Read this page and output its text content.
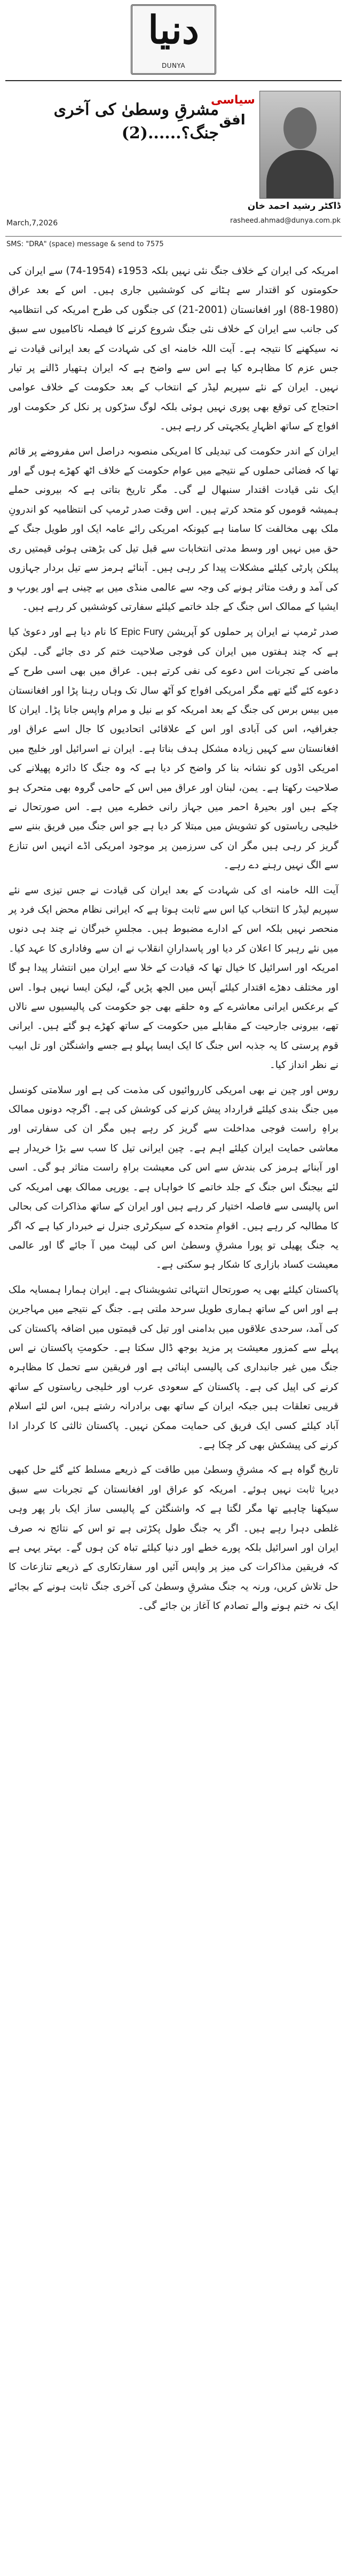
دنیا
DUNYA
مشرقِ وسطیٰ کی آخری جنگ؟......(2)
سیاسی
افق
ڈاکٹر رشید احمد خان
rasheed.ahmad@dunya.com.pk
March,7,2026
SMS: "DRA" (space) message & send to 7575

امریکہ کی ایران کے خلاف جنگ نئی نہیں بلکہ 1953ء (1954-74) سے ایران کی حکومتوں کو اقتدار سے ہٹانے کی کوششیں جاری ہیں۔ اس کے بعد عراق (1980-88) اور افغانستان (2001-21) کی جنگوں کی طرح امریکہ کی انتظامیہ کی جانب سے ایران کے خلاف نئی جنگ شروع کرنے کا فیصلہ ناکامیوں سے سبق نہ سیکھنے کا نتیجہ ہے۔ آیت اللہ خامنہ ای کی شہادت کے بعد ایرانی قیادت نے جس عزم کا مظاہرہ کیا ہے اس سے واضح ہے کہ ایران ہتھیار ڈالنے پر تیار نہیں۔ ایران کے نئے سپریم لیڈر کے انتخاب کے بعد حکومت کے خلاف عوامی احتجاج کی توقع بھی پوری نہیں ہوئی بلکہ لوگ سڑکوں پر نکل کر حکومت اور افواج کے ساتھ اظہارِ یکجہتی کر رہے ہیں۔

ایران کے اندر حکومت کی تبدیلی کا امریکی منصوبہ دراصل اس مفروضے پر قائم تھا کہ فضائی حملوں کے نتیجے میں عوام حکومت کے خلاف اٹھ کھڑے ہوں گے اور ایک نئی قیادت اقتدار سنبھال لے گی۔ مگر تاریخ بتاتی ہے کہ بیرونی حملے ہمیشہ قوموں کو متحد کرتے ہیں۔ اس وقت صدر ٹرمپ کی انتظامیہ کو اندرونِ ملک بھی مخالفت کا سامنا ہے کیونکہ امریکی رائے عامہ ایک اور طویل جنگ کے حق میں نہیں اور وسط مدتی انتخابات سے قبل تیل کی بڑھتی ہوئی قیمتیں ری پبلکن پارٹی کیلئے مشکلات پیدا کر رہی ہیں۔ آبنائے ہرمز سے تیل بردار جہازوں کی آمد و رفت متاثر ہونے کی وجہ سے عالمی منڈی میں بے چینی ہے اور یورپ و ایشیا کے ممالک اس جنگ کے جلد خاتمے کیلئے سفارتی کوششیں کر رہے ہیں۔

صدر ٹرمپ نے ایران پر حملوں کو آپریشن Epic Fury کا نام دیا ہے اور دعویٰ کیا ہے کہ چند ہفتوں میں ایران کی فوجی صلاحیت ختم کر دی جائے گی۔ لیکن ماضی کے تجربات اس دعوے کی نفی کرتے ہیں۔ عراق میں بھی اسی طرح کے دعوے کئے گئے تھے مگر امریکی افواج کو آٹھ سال تک وہاں رہنا پڑا اور افغانستان میں بیس برس کی جنگ کے بعد امریکہ کو بے نیل و مرام واپس جانا پڑا۔ ایران کا جغرافیہ، اس کی آبادی اور اس کے علاقائی اتحادیوں کا جال اسے عراق اور افغانستان سے کہیں زیادہ مشکل ہدف بناتا ہے۔ ایران نے اسرائیل اور خلیج میں امریکی اڈوں کو نشانہ بنا کر واضح کر دیا ہے کہ وہ جنگ کا دائرہ پھیلانے کی صلاحیت رکھتا ہے۔ یمن، لبنان اور عراق میں اس کے حامی گروہ بھی متحرک ہو چکے ہیں اور بحیرۂ احمر میں جہاز رانی خطرے میں ہے۔ اس صورتحال نے خلیجی ریاستوں کو تشویش میں مبتلا کر دیا ہے جو اس جنگ میں فریق بننے سے گریز کر رہی ہیں مگر ان کی سرزمین پر موجود امریکی اڈے انہیں اس تنازع سے الگ نہیں رہنے دے رہے۔

آیت اللہ خامنہ ای کی شہادت کے بعد ایران کی قیادت نے جس تیزی سے نئے سپریم لیڈر کا انتخاب کیا اس سے ثابت ہوتا ہے کہ ایرانی نظام محض ایک فرد پر منحصر نہیں بلکہ اس کے ادارے مضبوط ہیں۔ مجلسِ خبرگان نے چند ہی دنوں میں نئے رہبر کا اعلان کر دیا اور پاسدارانِ انقلاب نے ان سے وفاداری کا عہد کیا۔ امریکہ اور اسرائیل کا خیال تھا کہ قیادت کے خلا سے ایران میں انتشار پیدا ہو گا اور مختلف دھڑے اقتدار کیلئے آپس میں الجھ پڑیں گے، لیکن ایسا نہیں ہوا۔ اس کے برعکس ایرانی معاشرے کے وہ حلقے بھی جو حکومت کی پالیسیوں سے نالاں تھے، بیرونی جارحیت کے مقابلے میں حکومت کے ساتھ کھڑے ہو گئے ہیں۔ ایرانی قوم پرستی کا یہ جذبہ اس جنگ کا ایک ایسا پہلو ہے جسے واشنگٹن اور تل ابیب نے نظر انداز کیا۔

روس اور چین نے بھی امریکی کارروائیوں کی مذمت کی ہے اور سلامتی کونسل میں جنگ بندی کیلئے قرارداد پیش کرنے کی کوشش کی ہے۔ اگرچہ دونوں ممالک براہِ راست فوجی مداخلت سے گریز کر رہے ہیں مگر ان کی سفارتی اور معاشی حمایت ایران کیلئے اہم ہے۔ چین ایرانی تیل کا سب سے بڑا خریدار ہے اور آبنائے ہرمز کی بندش سے اس کی معیشت براہِ راست متاثر ہو گی۔ اسی لئے بیجنگ اس جنگ کے جلد خاتمے کا خواہاں ہے۔ یورپی ممالک بھی امریکہ کی اس پالیسی سے فاصلہ اختیار کر رہے ہیں اور ایران کے ساتھ مذاکرات کی بحالی کا مطالبہ کر رہے ہیں۔ اقوامِ متحدہ کے سیکرٹری جنرل نے خبردار کیا ہے کہ اگر یہ جنگ پھیلی تو پورا مشرقِ وسطیٰ اس کی لپیٹ میں آ جائے گا اور عالمی معیشت کساد بازاری کا شکار ہو سکتی ہے۔

پاکستان کیلئے بھی یہ صورتحال انتہائی تشویشناک ہے۔ ایران ہمارا ہمسایہ ملک ہے اور اس کے ساتھ ہماری طویل سرحد ملتی ہے۔ جنگ کے نتیجے میں مہاجرین کی آمد، سرحدی علاقوں میں بدامنی اور تیل کی قیمتوں میں اضافہ پاکستان کی پہلے سے کمزور معیشت پر مزید بوجھ ڈال سکتا ہے۔ حکومتِ پاکستان نے اس جنگ میں غیر جانبداری کی پالیسی اپنائی ہے اور فریقین سے تحمل کا مظاہرہ کرنے کی اپیل کی ہے۔ پاکستان کے سعودی عرب اور خلیجی ریاستوں کے ساتھ قریبی تعلقات ہیں جبکہ ایران کے ساتھ بھی برادرانہ رشتے ہیں، اس لئے اسلام آباد کیلئے کسی ایک فریق کی حمایت ممکن نہیں۔ پاکستان ثالثی کا کردار ادا کرنے کی پیشکش بھی کر چکا ہے۔

تاریخ گواہ ہے کہ مشرقِ وسطیٰ میں طاقت کے ذریعے مسلط کئے گئے حل کبھی دیرپا ثابت نہیں ہوئے۔ امریکہ کو عراق اور افغانستان کے تجربات سے سبق سیکھنا چاہیے تھا مگر لگتا ہے کہ واشنگٹن کے پالیسی ساز ایک بار پھر وہی غلطی دہرا رہے ہیں۔ اگر یہ جنگ طول پکڑتی ہے تو اس کے نتائج نہ صرف ایران اور اسرائیل بلکہ پورے خطے اور دنیا کیلئے تباہ کن ہوں گے۔ بہتر یہی ہے کہ فریقین مذاکرات کی میز پر واپس آئیں اور سفارتکاری کے ذریعے تنازعات کا حل تلاش کریں، ورنہ یہ جنگ مشرقِ وسطیٰ کی آخری جنگ ثابت ہونے کے بجائے ایک نہ ختم ہونے والے تصادم کا آغاز بن جائے گی۔
